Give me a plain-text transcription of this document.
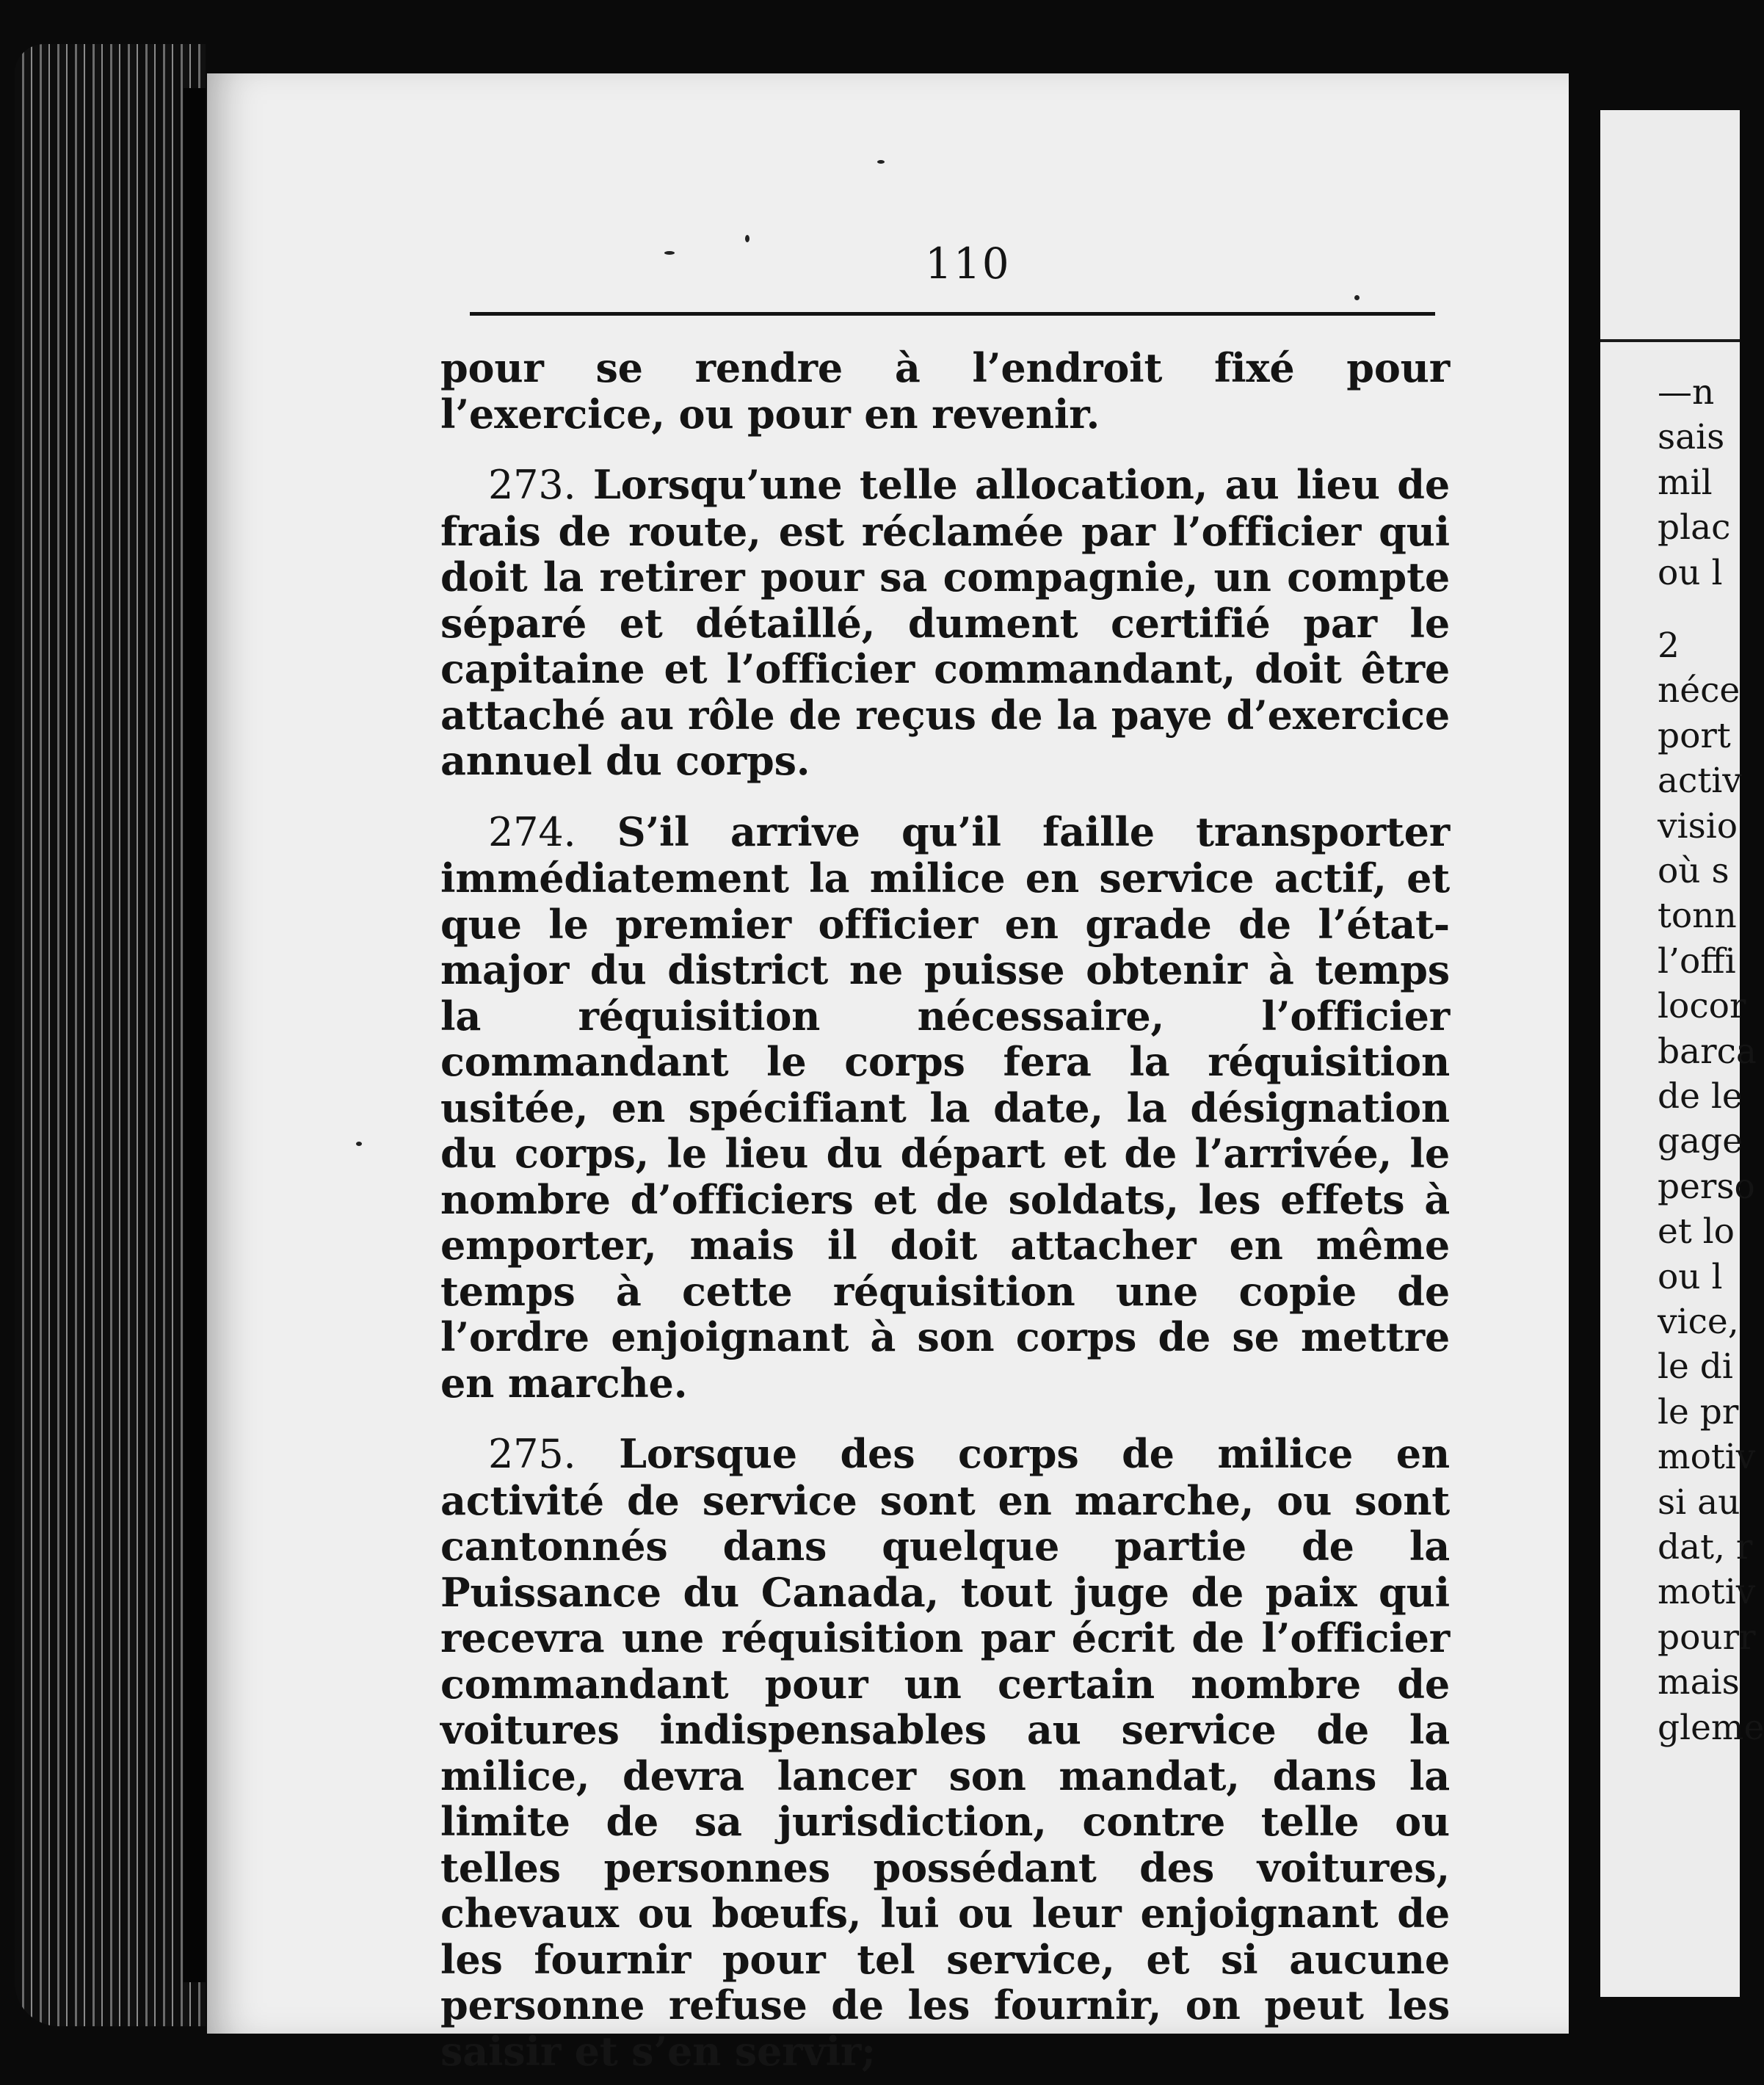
110

pour se rendre à l’endroit fixé pour l’exercice, ou pour en revenir.

273. Lorsqu’une telle allocation, au lieu de frais de route, est réclamée par l’officier qui doit la retirer pour sa compagnie, un compte séparé et détaillé, dument certifié par le capitaine et l’officier commandant, doit être attaché au rôle de reçus de la paye d’exercice annuel du corps.

274. S’il arrive qu’il faille transporter immédiatement la milice en service actif, et que le premier officier en grade de l’état-major du district ne puisse obtenir à temps la réquisition nécessaire, l’officier commandant le corps fera la réquisition usitée, en spécifiant la date, la désignation du corps, le lieu du départ et de l’arrivée, le nombre d’officiers et de soldats, les effets à emporter, mais il doit attacher en même temps à cette réquisition une copie de l’ordre enjoignant à son corps de se mettre en marche.

275. Lorsque des corps de milice en activité de service sont en marche, ou sont cantonnés dans quelque partie de la Puissance du Canada, tout juge de paix qui recevra une réquisition par écrit de l’officier commandant pour un certain nombre de voitures indispensables au service de la milice, devra lancer son mandat, dans la limite de sa jurisdiction, contre telle ou telles personnes possédant des voitures, chevaux ou bœufs, lui ou leur enjoignant de les fournir pour tel service, et si aucune personne refuse de les fournir, on peut les saisir et s’en servir;

—n
sais
mil
plac
ou l
2
néce
port
activ
visio
où s
tonn
l’offi
locor
barca
de le
gage
perso
et lo
ou l
vice,
le di
le pr
motiv
si au
dat, r
motiv
pourr
mais
gleme
